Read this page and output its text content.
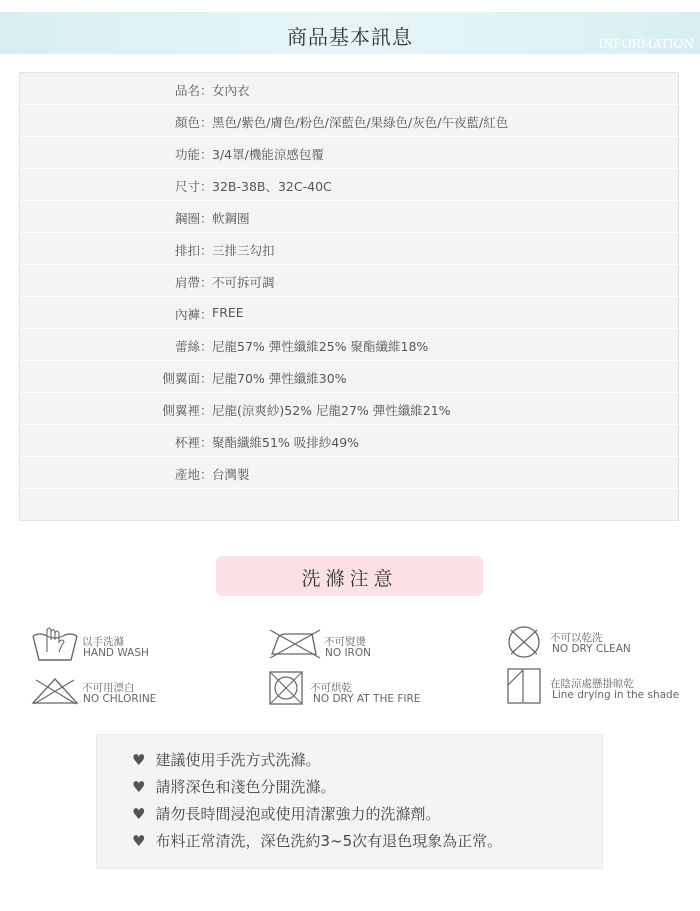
商品基本訊息	INFORMATION
品名 ： 女內衣
顏色 ： 黑色/紫色/膚色/粉色/深藍色/果綠色/灰色/午夜藍/紅色
功能 ： 3/4罩/機能涼感包覆
尺寸 ： 32B-38B、32C-40C
鋼圈 ： 軟鋼圈
排扣 ： 三排三勾扣
肩帶 ： 不可拆可調
內褲 ： FREE
蕾絲 ： 尼龍57% 彈性纖維25% 聚酯纖維18%
側翼面 ： 尼龍70% 彈性纖維30%
側翼裡 ： 尼龍(涼爽紗)52% 尼龍27% 彈性纖維21%
杯裡 ： 聚酯纖維51% 吸排紗49%
產地 ： 台灣製
洗滌注意
以手洗滌
HAND WASH
不可熨燙
NO IRON
不可以乾洗
NO DRY CLEAN
不可用漂白
NO CHLORINE
不可烘乾
NO DRY AT THE FIRE
在陰涼處懸掛晾乾
Line drying in the shade
♥ 建議使用手洗方式洗滌。
♥ 請將深色和淺色分開洗滌。
♥ 請勿長時間浸泡或使用清潔強力的洗滌劑。
♥ 布料正常清洗，深色洗約3~5次有退色現象為正常。
